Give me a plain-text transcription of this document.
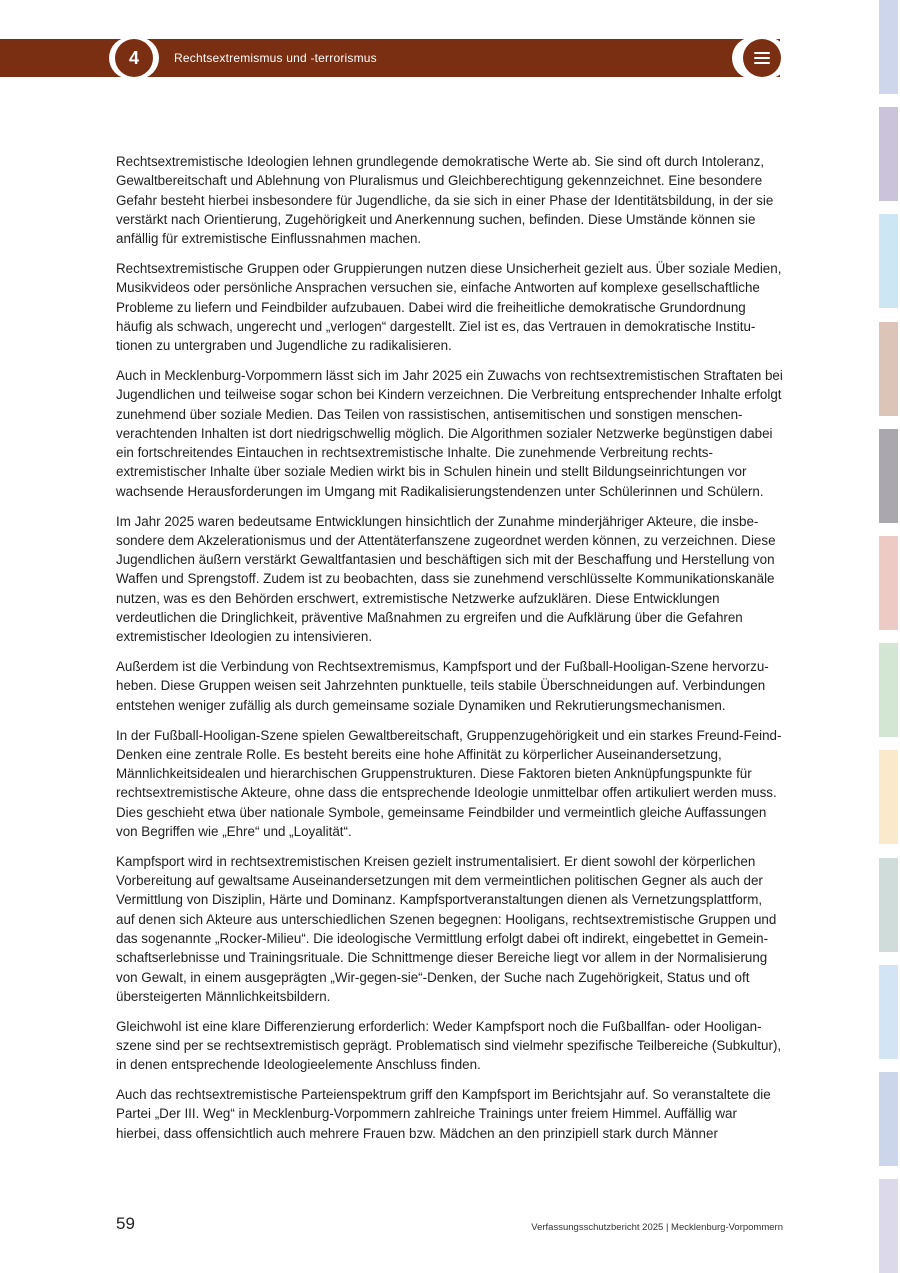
4	Rechtsextremismus und -terrorismus

Rechtsextremistische Ideologien lehnen grundlegende demokratische Werte ab. Sie sind oft durch Intoleranz, Gewaltbereitschaft und Ablehnung von Pluralismus und Gleichberechtigung gekennzeichnet. Eine besondere Gefahr besteht hierbei insbesondere für Jugendliche, da sie sich in einer Phase der Identitätsbildung, in der sie verstärkt nach Orientierung, Zugehörigkeit und Anerkennung suchen, befinden. Diese Umstände können sie anfällig für extremistische Einflussnahmen machen.

Rechtsextremistische Gruppen oder Gruppierungen nutzen diese Unsicherheit gezielt aus. Über soziale Medien, Musikvideos oder persönliche Ansprachen versuchen sie, einfache Antworten auf komplexe gesellschaftliche Probleme zu liefern und Feindbilder aufzubauen. Dabei wird die freiheitliche demokratische Grundordnung häufig als schwach, ungerecht und „verlogen“ dargestellt. Ziel ist es, das Vertrauen in demokratische Institutionen zu untergraben und Jugendliche zu radikalisieren.

Auch in Mecklenburg-Vorpommern lässt sich im Jahr 2025 ein Zuwachs von rechtsextremistischen Straftaten bei Jugendlichen und teilweise sogar schon bei Kindern verzeichnen. Die Verbreitung entsprechender Inhalte erfolgt zunehmend über soziale Medien. Das Teilen von rassistischen, antisemitischen und sonstigen menschenverachtenden Inhalten ist dort niedrigschwellig möglich. Die Algorithmen sozialer Netzwerke begünstigen dabei ein fortschreitendes Eintauchen in rechtsextremistische Inhalte. Die zunehmende Verbreitung rechtsextremistischer Inhalte über soziale Medien wirkt bis in Schulen hinein und stellt Bildungseinrichtungen vor wachsende Herausforderungen im Umgang mit Radikalisierungstendenzen unter Schülerinnen und Schülern.

Im Jahr 2025 waren bedeutsame Entwicklungen hinsichtlich der Zunahme minderjähriger Akteure, die insbesondere dem Akzelerationismus und der Attentäterfanszene zugeordnet werden können, zu verzeichnen. Diese Jugendlichen äußern verstärkt Gewaltfantasien und beschäftigen sich mit der Beschaffung und Herstellung von Waffen und Sprengstoff. Zudem ist zu beobachten, dass sie zunehmend verschlüsselte Kommunikationskanäle nutzen, was es den Behörden erschwert, extremistische Netzwerke aufzuklären. Diese Entwicklungen verdeutlichen die Dringlichkeit, präventive Maßnahmen zu ergreifen und die Aufklärung über die Gefahren extremistischer Ideologien zu intensivieren.

Außerdem ist die Verbindung von Rechtsextremismus, Kampfsport und der Fußball-Hooligan-Szene hervorzuheben. Diese Gruppen weisen seit Jahrzehnten punktuelle, teils stabile Überschneidungen auf. Verbindungen entstehen weniger zufällig als durch gemeinsame soziale Dynamiken und Rekrutierungsmechanismen.

In der Fußball-Hooligan-Szene spielen Gewaltbereitschaft, Gruppenzugehörigkeit und ein starkes Freund-Feind-Denken eine zentrale Rolle. Es besteht bereits eine hohe Affinität zu körperlicher Auseinandersetzung, Männlichkeitsidealen und hierarchischen Gruppenstrukturen. Diese Faktoren bieten Anknüpfungspunkte für rechtsextremistische Akteure, ohne dass die entsprechende Ideologie unmittelbar offen artikuliert werden muss. Dies geschieht etwa über nationale Symbole, gemeinsame Feindbilder und vermeintlich gleiche Auffassungen von Begriffen wie „Ehre“ und „Loyalität“.

Kampfsport wird in rechtsextremistischen Kreisen gezielt instrumentalisiert. Er dient sowohl der körperlichen Vorbereitung auf gewaltsame Auseinandersetzungen mit dem vermeintlichen politischen Gegner als auch der Vermittlung von Disziplin, Härte und Dominanz. Kampfsportveranstaltungen dienen als Vernetzungsplattform, auf denen sich Akteure aus unterschiedlichen Szenen begegnen: Hooligans, rechtsextremistische Gruppen und das sogenannte „Rocker-Milieu“. Die ideologische Vermittlung erfolgt dabei oft indirekt, eingebettet in Gemeinschaftserlebnisse und Trainingsrituale. Die Schnittmenge dieser Bereiche liegt vor allem in der Normalisierung von Gewalt, in einem ausgeprägten „Wir-gegen-sie“-Denken, der Suche nach Zugehörigkeit, Status und oft übersteigerten Männlichkeitsbildern.

Gleichwohl ist eine klare Differenzierung erforderlich: Weder Kampfsport noch die Fußballfan- oder Hooliganszene sind per se rechtsextremistisch geprägt. Problematisch sind vielmehr spezifische Teilbereiche (Subkultur), in denen entsprechende Ideologieelemente Anschluss finden.

Auch das rechtsextremistische Parteienspektrum griff den Kampfsport im Berichtsjahr auf. So veranstaltete die Partei „Der III. Weg“ in Mecklenburg-Vorpommern zahlreiche Trainings unter freiem Himmel. Auffällig war hierbei, dass offensichtlich auch mehrere Frauen bzw. Mädchen an den prinzipiell stark durch Männer

59	Verfassungsschutzbericht 2025 | Mecklenburg-Vorpommern
